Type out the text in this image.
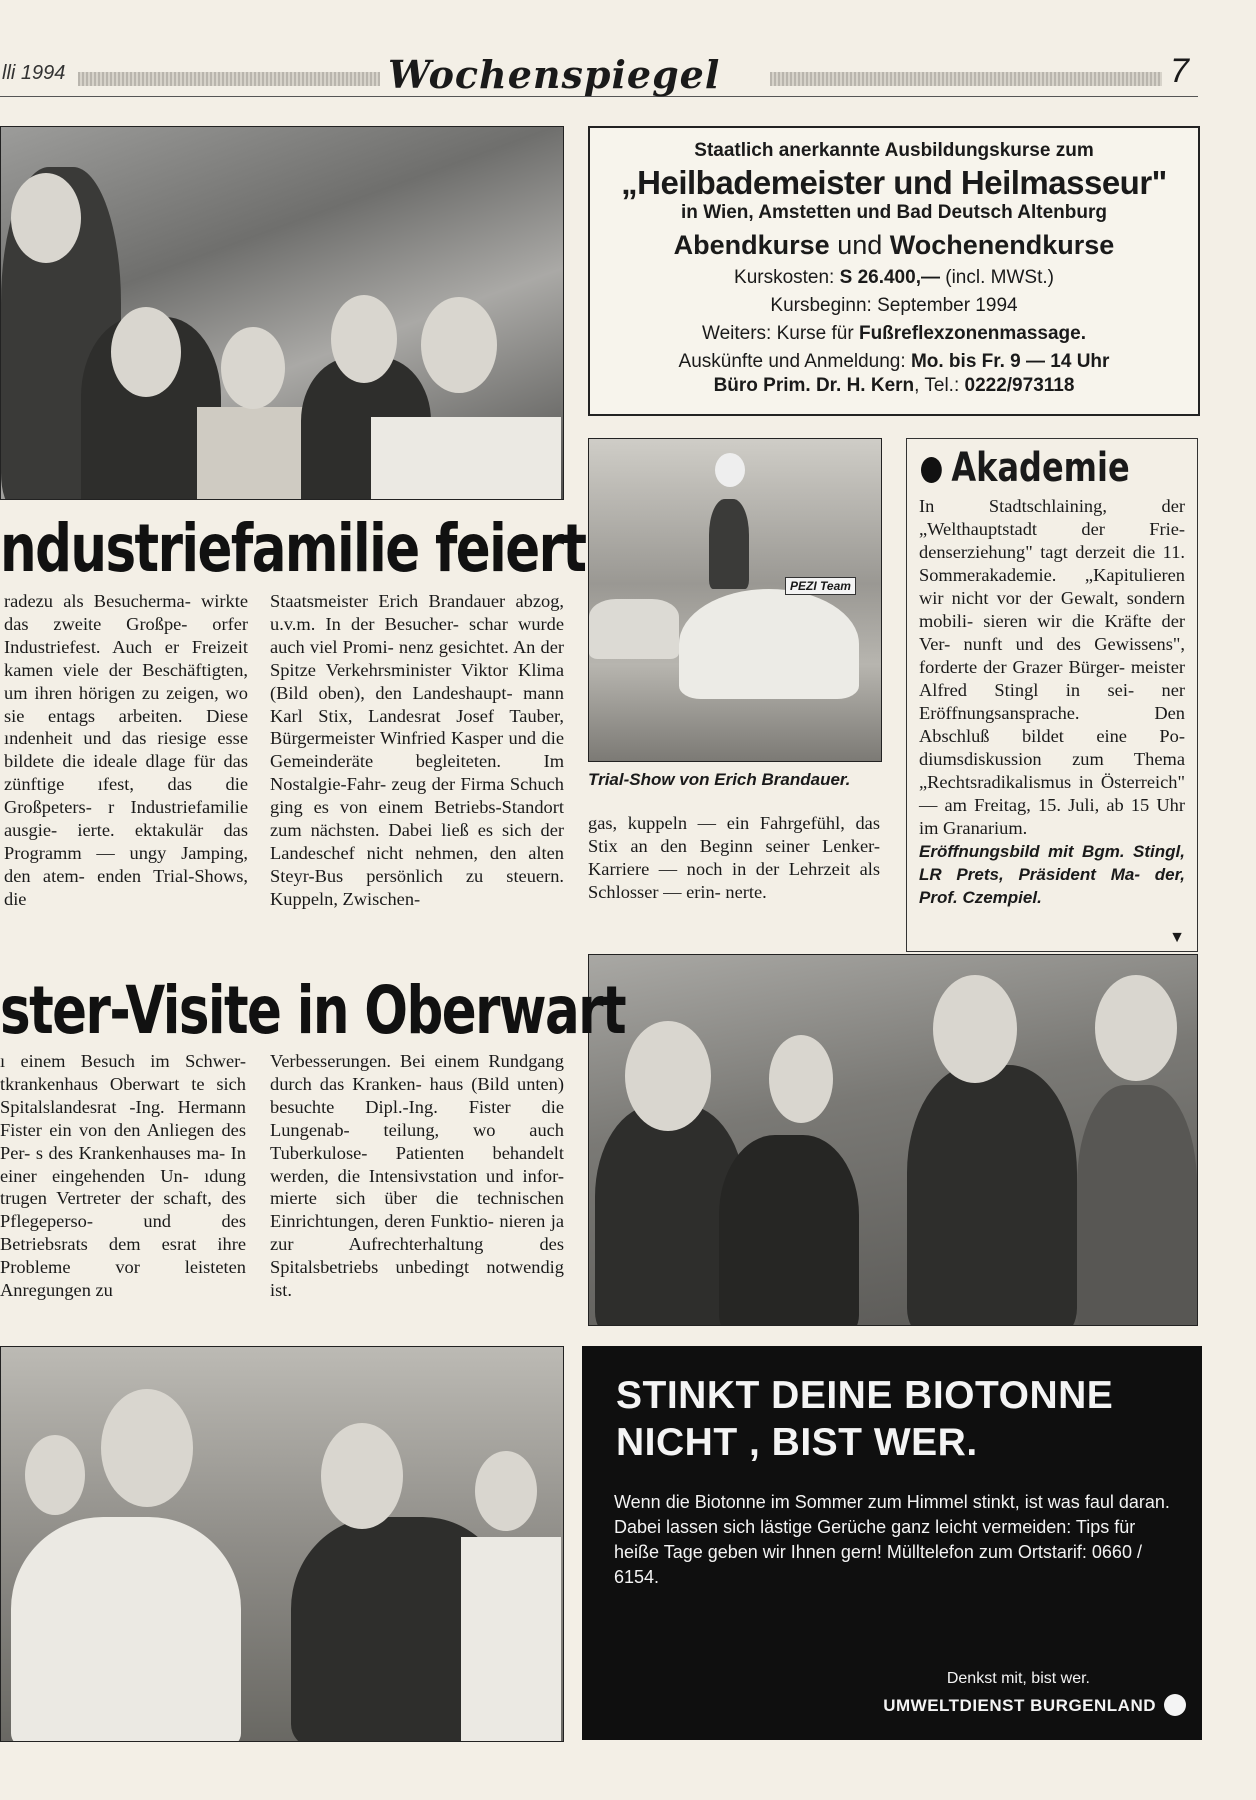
lli 1994	Wochenspiegel	7
ndustriefamilie feiert
radezu als Besucherma- wirkte das zweite Großpe- orfer Industriefest. Auch er Freizeit kamen viele der Beschäftigten, um ihren hörigen zu zeigen, wo sie entags arbeiten. Diese ındenheit und das riesige esse bildete die ideale dlage für das zünftige ıfest, das die Großpeters- r Industriefamilie ausgie- ierte. ektakulär das Programm — ungy Jamping, den atem- enden Trial-Shows, die
Staatsmeister Erich Brandauer abzog, u.v.m. In der Besucher- schar wurde auch viel Promi- nenz gesichtet. An der Spitze Verkehrsminister Viktor Klima (Bild oben), den Landeshaupt- mann Karl Stix, Landesrat Josef Tauber, Bürgermeister Winfried Kasper und die Gemeinderäte begleiteten. Im Nostalgie-Fahr- zeug der Firma Schuch ging es von einem Betriebs-Standort zum nächsten. Dabei ließ es sich der Landeschef nicht nehmen, den alten Steyr-Bus persönlich zu steuern. Kuppeln, Zwischen-
Staatlich anerkannte Ausbildungskurse zum
„Heilbademeister und Heilmasseur"
in Wien, Amstetten und Bad Deutsch Altenburg
Abendkurse und Wochenendkurse
Kurskosten: S 26.400,— (incl. MWSt.)
Kursbeginn: September 1994
Weiters: Kurse für Fußreflexzonenmassage.
Auskünfte und Anmeldung: Mo. bis Fr. 9 — 14 Uhr
Büro Prim. Dr. H. Kern, Tel.: 0222/973118
PEZI Team
Trial-Show von Erich Brandauer.
gas, kuppeln — ein Fahrgefühl, das Stix an den Beginn seiner Lenker-Karriere — noch in der Lehrzeit als Schlosser — erin- nerte.
Akademie

In Stadtschlaining, der „Welthauptstadt der Frie- denserziehung" tagt derzeit die 11. Sommerakademie. „Kapitulieren wir nicht vor der Gewalt, sondern mobili- sieren wir die Kräfte der Ver- nunft und des Gewissens", forderte der Grazer Bürger- meister Alfred Stingl in sei- ner Eröffnungsansprache. Den Abschluß bildet eine Po- diumsdiskussion zum Thema „Rechtsradikalismus in Österreich" — am Freitag, 15. Juli, ab 15 Uhr im Granarium.

Eröffnungsbild mit Bgm. Stingl, LR Prets, Präsident Ma- der, Prof. Czempiel.

▼
ster-Visite in Oberwart
ı einem Besuch im Schwer- tkrankenhaus Oberwart te sich Spitalslandesrat -Ing. Hermann Fister ein von den Anliegen des Per- s des Krankenhauses ma- In einer eingehenden Un- ıdung trugen Vertreter der schaft, des Pflegeperso- und des Betriebsrats dem esrat ihre Probleme vor leisteten Anregungen zu
Verbesserungen. Bei einem Rundgang durch das Kranken- haus (Bild unten) besuchte Dipl.-Ing. Fister die Lungenab- teilung, wo auch Tuberkulose- Patienten behandelt werden, die Intensivstation und infor- mierte sich über die technischen Einrichtungen, deren Funktio- nieren ja zur Aufrechterhaltung des Spitalsbetriebs unbedingt notwendig ist.
STINKT DEINE BIOTONNE
NICHT , BIST WER.
Wenn die Biotonne im Sommer zum Himmel stinkt, ist was faul daran. Dabei lassen sich lästige Gerüche ganz leicht vermeiden: Tips für heiße Tage geben wir Ihnen gern! Mülltelefon zum Ortstarif: 0660 / 6154.
Denkst mit, bist wer.
UMWELTDIENST BURGENLAND
